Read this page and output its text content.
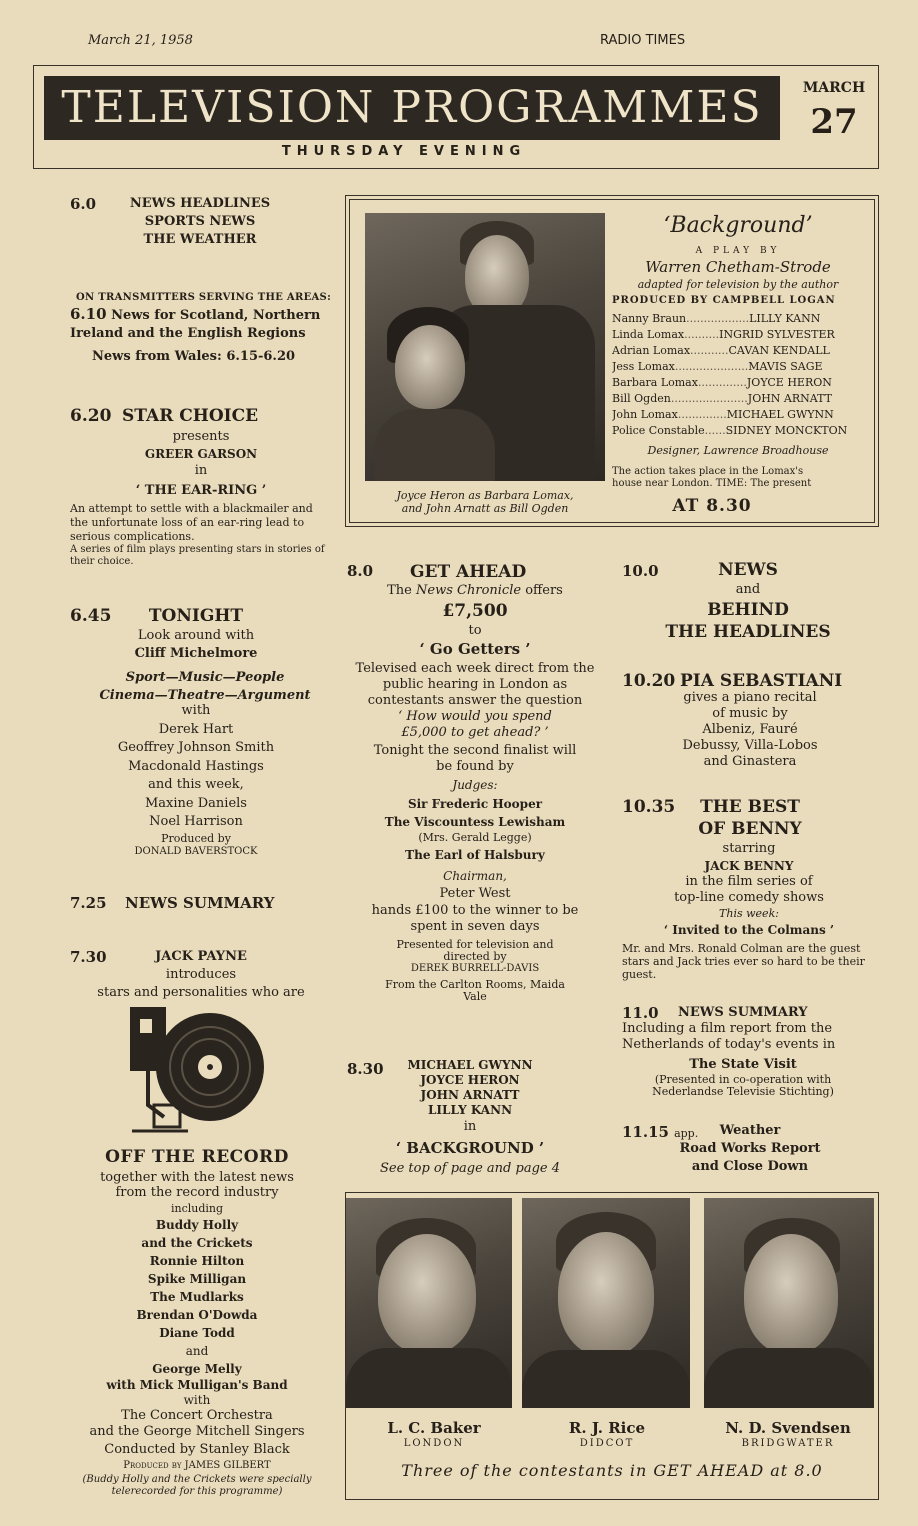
March 21, 1958	RADIO TIMES
TELEVISION PROGRAMMES
THURSDAY EVENING
MARCH
27
6.0	NEWS HEADLINES
SPORTS NEWS
THE WEATHER
ON TRANSMITTERS SERVING THE AREAS:
6.10 News for Scotland, Northern
Ireland and the English Regions
News from Wales: 6.15-6.20
6.20 STAR CHOICE
presents
GREER GARSON
in
‘ THE EAR-RING ’
An attempt to settle with a blackmailer and the unfortunate loss of an ear-ring lead to serious complications.
A series of film plays presenting stars in stories of their choice.
6.45	TONIGHT
Look around with
Cliff Michelmore
Sport—Music—People
Cinema—Theatre—Argument
with
Derek Hart
Geoffrey Johnson Smith
Macdonald Hastings
and this week,
Maxine Daniels
Noel Harrison
Produced by
DONALD BAVERSTOCK
7.25 NEWS SUMMARY
7.30	JACK PAYNE
introduces
stars and personalities who are
OFF THE RECORD
together with the latest news
from the record industry
including
Buddy Holly
and the Crickets
Ronnie Hilton
Spike Milligan
The Mudlarks
Brendan O'Dowda
Diane Todd
and
George Melly
with Mick Mulligan's Band
with
The Concert Orchestra
and the George Mitchell Singers
Conducted by Stanley Black
Produced by JAMES GILBERT
(Buddy Holly and the Crickets were specially telerecorded for this programme)
Joyce Heron as Barbara Lomax,
and John Arnatt as Bill Ogden
‘Background’
A PLAY BY
Warren Chetham-Strode
adapted for television by the author
PRODUCED BY CAMPBELL LOGAN
Nanny Braun..................LILLY KANN
Linda Lomax..........INGRID SYLVESTER
Adrian Lomax...........CAVAN KENDALL
Jess Lomax.....................MAVIS SAGE
Barbara Lomax..............JOYCE HERON
Bill Ogden......................JOHN ARNATT
John Lomax..............MICHAEL GWYNN
Police Constable......SIDNEY MONCKTON
Designer, Lawrence Broadhouse
The action takes place in the Lomax's
house near London. TIME: The present
AT 8.30
8.0 GET AHEAD
The News Chronicle offers
£7,500
to
‘ Go Getters ’
Televised each week direct from the public hearing in London as contestants answer the question
‘ How would you spend £5,000 to get ahead? ’
Tonight the second finalist will be found by
Judges:
Sir Frederic Hooper
The Viscountess Lewisham
(Mrs. Gerald Legge)
The Earl of Halsbury
Chairman,
Peter West
hands £100 to the winner to be spent in seven days
Presented for television and directed by
DEREK BURRELL-DAVIS
From the Carlton Rooms, Maida Vale
8.30	MICHAEL GWYNN
JOYCE HERON
JOHN ARNATT
LILLY KANN
in
‘ BACKGROUND ’
See top of page and page 4
10.0	NEWS
and
BEHIND
THE HEADLINES
10.20 PIA SEBASTIANI
gives a piano recital
of music by
Albeniz, Fauré
Debussy, Villa-Lobos
and Ginastera
10.35	THE BEST
OF BENNY
starring
JACK BENNY
in the film series of
top-line comedy shows
This week:
‘ Invited to the Colmans ’
Mr. and Mrs. Ronald Colman are the guest stars and Jack tries ever so hard to be their guest.
11.0 NEWS SUMMARY
Including a film report from the Netherlands of today's events in
The State Visit
(Presented in co-operation with Nederlandse Televisie Stichting)
11.15 app.	Weather
Road Works Report
and Close Down
L. C. Baker
LONDON
R. J. Rice
DIDCOT
N. D. Svendsen
BRIDGWATER
Three of the contestants in GET AHEAD at 8.0
